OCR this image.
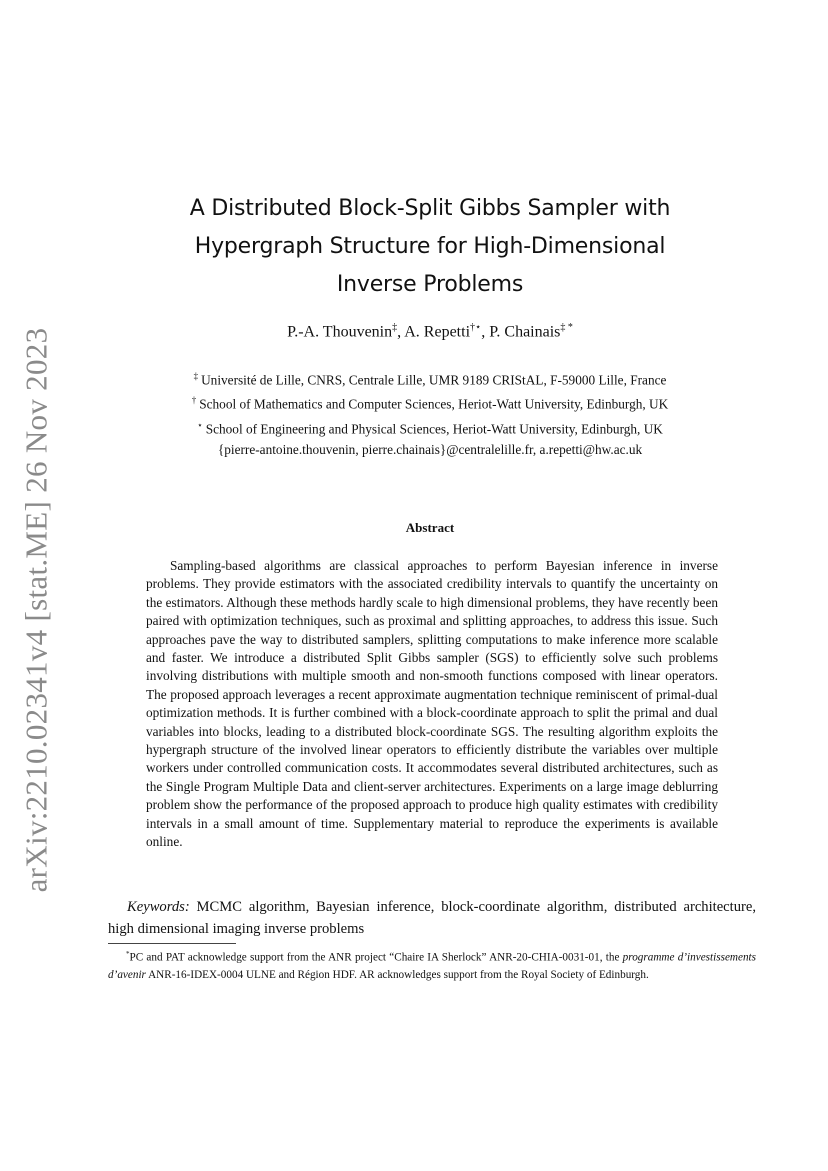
arXiv:2210.02341v4 [stat.ME] 26 Nov 2023
A Distributed Block-Split Gibbs Sampler with
Hypergraph Structure for High-Dimensional
Inverse Problems
P.-A. Thouvenin‡, A. Repetti†⋆, P. Chainais‡ *
‡ Université de Lille, CNRS, Centrale Lille, UMR 9189 CRIStAL, F-59000 Lille, France
† School of Mathematics and Computer Sciences, Heriot-Watt University, Edinburgh, UK
⋆ School of Engineering and Physical Sciences, Heriot-Watt University, Edinburgh, UK
{pierre-antoine.thouvenin, pierre.chainais}@centralelille.fr, a.repetti@hw.ac.uk
Abstract
Sampling-based algorithms are classical approaches to perform Bayesian inference in inverse problems. They provide estimators with the associated credibility intervals to quantify the uncertainty on the estimators. Although these methods hardly scale to high dimensional problems, they have recently been paired with optimization techniques, such as proximal and splitting approaches, to address this issue. Such approaches pave the way to distributed samplers, splitting computations to make inference more scalable and faster. We introduce a distributed Split Gibbs sampler (SGS) to efficiently solve such problems involving distributions with multiple smooth and non-smooth functions composed with linear operators. The proposed approach leverages a recent approximate augmentation technique reminiscent of primal-dual optimization methods. It is further combined with a block-coordinate approach to split the primal and dual variables into blocks, leading to a distributed block-coordinate SGS. The resulting algorithm exploits the hypergraph structure of the involved linear operators to efficiently distribute the variables over multiple workers under controlled communication costs. It accommodates several distributed architectures, such as the Single Program Multiple Data and client-server architectures. Experiments on a large image deblurring problem show the performance of the proposed approach to produce high quality estimates with credibility intervals in a small amount of time. Supplementary material to reproduce the experiments is available online.
Keywords: MCMC algorithm, Bayesian inference, block-coordinate algorithm, distributed architecture, high dimensional imaging inverse problems
*PC and PAT acknowledge support from the ANR project “Chaire IA Sherlock” ANR-20-CHIA-0031-01, the programme d’investissements d’avenir ANR-16-IDEX-0004 ULNE and Région HDF. AR acknowledges support from the Royal Society of Edinburgh.
